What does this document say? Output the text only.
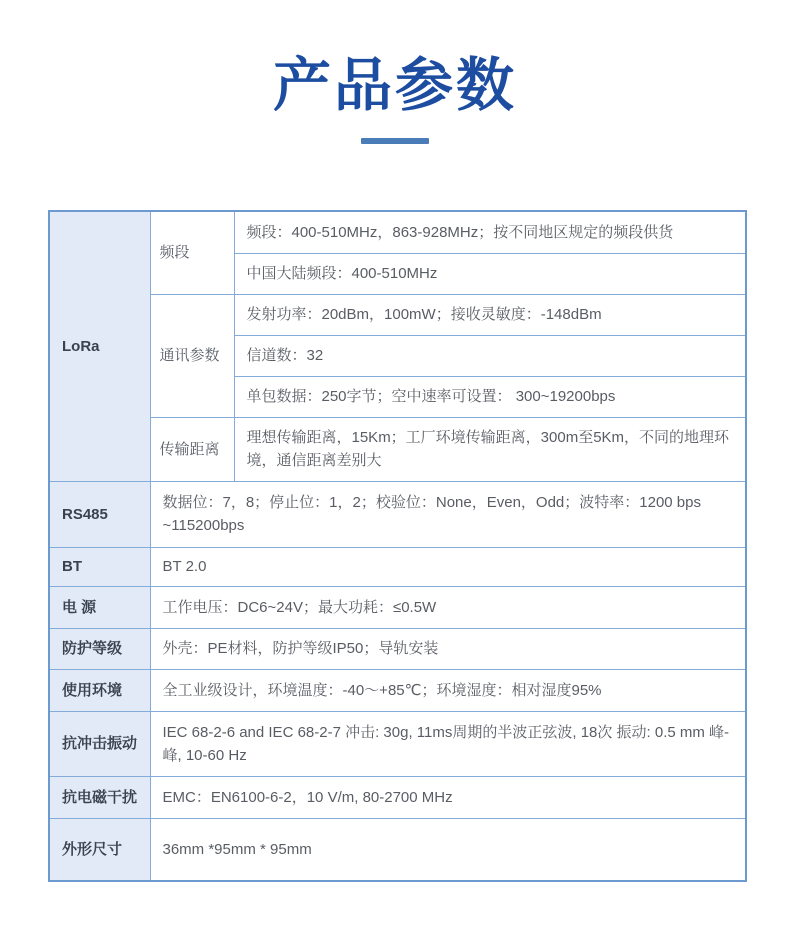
产品参数
LoRa	频段	频段：400-510MHz，863-928MHz；按不同地区规定的频段供货
		中国大陆频段：400-510MHz
	通讯参数	发射功率：20dBm，100mW；接收灵敏度：-148dBm
		信道数：32
		单包数据：250字节；空中速率可设置： 300~19200bps
	传输距离	理想传输距离，15Km；工厂环境传输距离，300m至5Km，不同的地理环境，通信距离差别大
RS485	数据位：7，8；停止位：1，2；校验位：None，Even，Odd；波特率：1200 bps ~115200bps	
BT	BT 2.0	
电 源	工作电压：DC6~24V；最大功耗：≤0.5W	
防护等级	外壳：PE材料，防护等级IP50；导轨安装	
使用环境	全工业级设计，环境温度：-40～+85℃；环境湿度：相对湿度95%	
抗冲击振动	IEC 68-2-6 and IEC 68-2-7 冲击: 30g, 11ms周期的半波正弦波, 18次 振动: 0.5 mm 峰-峰, 10-60 Hz	
抗电磁干扰	EMC：EN6100-6-2，10 V/m, 80-2700 MHz	
外形尺寸	36mm *95mm * 95mm	
